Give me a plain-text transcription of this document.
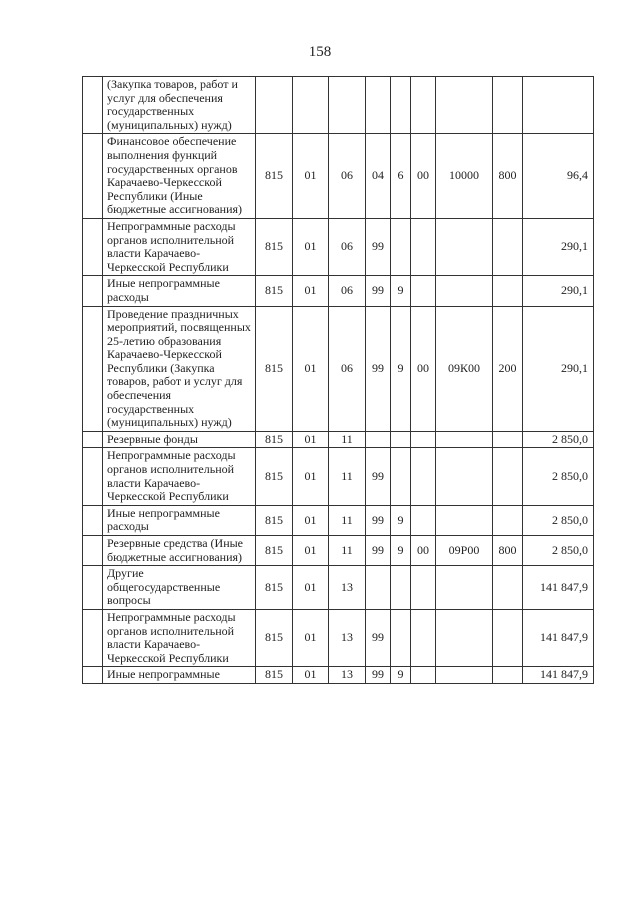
158
	(Закупка товаров, работ и услуг для обеспечения государственных (муниципальных) нужд)									
	Финансовое обеспечение выполнения функций государственных органов Карачаево-Черкесской Республики (Иные бюджетные ассигнования)	815	01	06	04	6	00	10000	800	96,4
	Непрограммные расходы органов исполнительной власти Карачаево-Черкесской Республики	815	01	06	99					290,1
	Иные непрограммные расходы	815	01	06	99	9				290,1
	Проведение праздничных мероприятий, посвященных 25-летию образования Карачаево-Черкесской Республики (Закупка товаров, работ и услуг для обеспечения государственных (муниципальных) нужд)	815	01	06	99	9	00	09К00	200	290,1
	Резервные фонды	815	01	11						2 850,0
	Непрограммные расходы органов исполнительной власти Карачаево-Черкесской Республики	815	01	11	99					2 850,0
	Иные непрограммные расходы	815	01	11	99	9				2 850,0
	Резервные средства (Иные бюджетные ассигнования)	815	01	11	99	9	00	09Р00	800	2 850,0
	Другие общегосударственные вопросы	815	01	13						141 847,9
	Непрограммные расходы органов исполнительной власти Карачаево-Черкесской Республики	815	01	13	99					141 847,9
	Иные непрограммные	815	01	13	99	9				141 847,9
